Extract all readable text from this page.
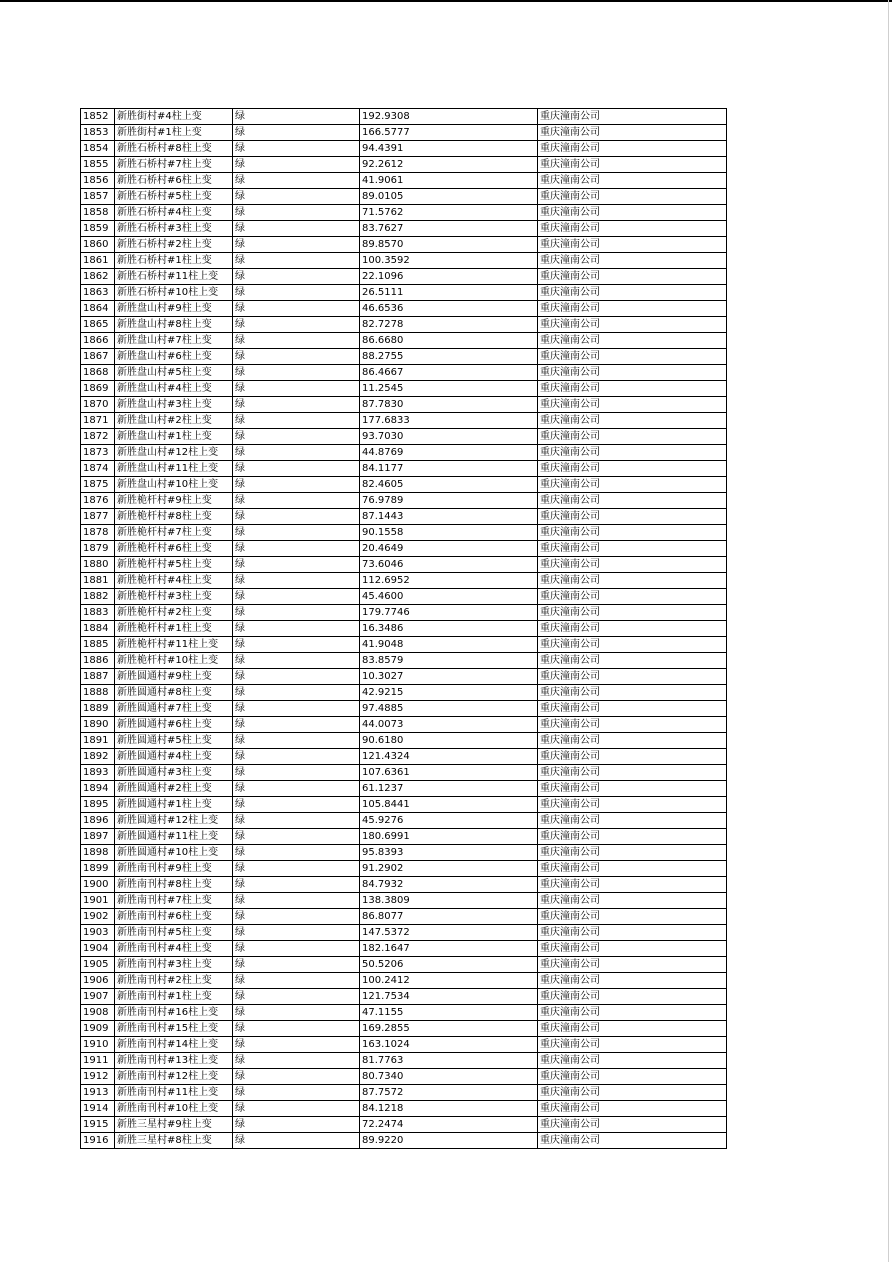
1852	新胜街村#4柱上变	绿	192.9308	重庆潼南公司
1853	新胜街村#1柱上变	绿	166.5777	重庆潼南公司
1854	新胜石桥村#8柱上变	绿	94.4391	重庆潼南公司
1855	新胜石桥村#7柱上变	绿	92.2612	重庆潼南公司
1856	新胜石桥村#6柱上变	绿	41.9061	重庆潼南公司
1857	新胜石桥村#5柱上变	绿	89.0105	重庆潼南公司
1858	新胜石桥村#4柱上变	绿	71.5762	重庆潼南公司
1859	新胜石桥村#3柱上变	绿	83.7627	重庆潼南公司
1860	新胜石桥村#2柱上变	绿	89.8570	重庆潼南公司
1861	新胜石桥村#1柱上变	绿	100.3592	重庆潼南公司
1862	新胜石桥村#11柱上变	绿	22.1096	重庆潼南公司
1863	新胜石桥村#10柱上变	绿	26.5111	重庆潼南公司
1864	新胜盘山村#9柱上变	绿	46.6536	重庆潼南公司
1865	新胜盘山村#8柱上变	绿	82.7278	重庆潼南公司
1866	新胜盘山村#7柱上变	绿	86.6680	重庆潼南公司
1867	新胜盘山村#6柱上变	绿	88.2755	重庆潼南公司
1868	新胜盘山村#5柱上变	绿	86.4667	重庆潼南公司
1869	新胜盘山村#4柱上变	绿	11.2545	重庆潼南公司
1870	新胜盘山村#3柱上变	绿	87.7830	重庆潼南公司
1871	新胜盘山村#2柱上变	绿	177.6833	重庆潼南公司
1872	新胜盘山村#1柱上变	绿	93.7030	重庆潼南公司
1873	新胜盘山村#12柱上变	绿	44.8769	重庆潼南公司
1874	新胜盘山村#11柱上变	绿	84.1177	重庆潼南公司
1875	新胜盘山村#10柱上变	绿	82.4605	重庆潼南公司
1876	新胜桅杆村#9柱上变	绿	76.9789	重庆潼南公司
1877	新胜桅杆村#8柱上变	绿	87.1443	重庆潼南公司
1878	新胜桅杆村#7柱上变	绿	90.1558	重庆潼南公司
1879	新胜桅杆村#6柱上变	绿	20.4649	重庆潼南公司
1880	新胜桅杆村#5柱上变	绿	73.6046	重庆潼南公司
1881	新胜桅杆村#4柱上变	绿	112.6952	重庆潼南公司
1882	新胜桅杆村#3柱上变	绿	45.4600	重庆潼南公司
1883	新胜桅杆村#2柱上变	绿	179.7746	重庆潼南公司
1884	新胜桅杆村#1柱上变	绿	16.3486	重庆潼南公司
1885	新胜桅杆村#11柱上变	绿	41.9048	重庆潼南公司
1886	新胜桅杆村#10柱上变	绿	83.8579	重庆潼南公司
1887	新胜圆通村#9柱上变	绿	10.3027	重庆潼南公司
1888	新胜圆通村#8柱上变	绿	42.9215	重庆潼南公司
1889	新胜圆通村#7柱上变	绿	97.4885	重庆潼南公司
1890	新胜圆通村#6柱上变	绿	44.0073	重庆潼南公司
1891	新胜圆通村#5柱上变	绿	90.6180	重庆潼南公司
1892	新胜圆通村#4柱上变	绿	121.4324	重庆潼南公司
1893	新胜圆通村#3柱上变	绿	107.6361	重庆潼南公司
1894	新胜圆通村#2柱上变	绿	61.1237	重庆潼南公司
1895	新胜圆通村#1柱上变	绿	105.8441	重庆潼南公司
1896	新胜圆通村#12柱上变	绿	45.9276	重庆潼南公司
1897	新胜圆通村#11柱上变	绿	180.6991	重庆潼南公司
1898	新胜圆通村#10柱上变	绿	95.8393	重庆潼南公司
1899	新胜南刊村#9柱上变	绿	91.2902	重庆潼南公司
1900	新胜南刊村#8柱上变	绿	84.7932	重庆潼南公司
1901	新胜南刊村#7柱上变	绿	138.3809	重庆潼南公司
1902	新胜南刊村#6柱上变	绿	86.8077	重庆潼南公司
1903	新胜南刊村#5柱上变	绿	147.5372	重庆潼南公司
1904	新胜南刊村#4柱上变	绿	182.1647	重庆潼南公司
1905	新胜南刊村#3柱上变	绿	50.5206	重庆潼南公司
1906	新胜南刊村#2柱上变	绿	100.2412	重庆潼南公司
1907	新胜南刊村#1柱上变	绿	121.7534	重庆潼南公司
1908	新胜南刊村#16柱上变	绿	47.1155	重庆潼南公司
1909	新胜南刊村#15柱上变	绿	169.2855	重庆潼南公司
1910	新胜南刊村#14柱上变	绿	163.1024	重庆潼南公司
1911	新胜南刊村#13柱上变	绿	81.7763	重庆潼南公司
1912	新胜南刊村#12柱上变	绿	80.7340	重庆潼南公司
1913	新胜南刊村#11柱上变	绿	87.7572	重庆潼南公司
1914	新胜南刊村#10柱上变	绿	84.1218	重庆潼南公司
1915	新胜三星村#9柱上变	绿	72.2474	重庆潼南公司
1916	新胜三星村#8柱上变	绿	89.9220	重庆潼南公司
